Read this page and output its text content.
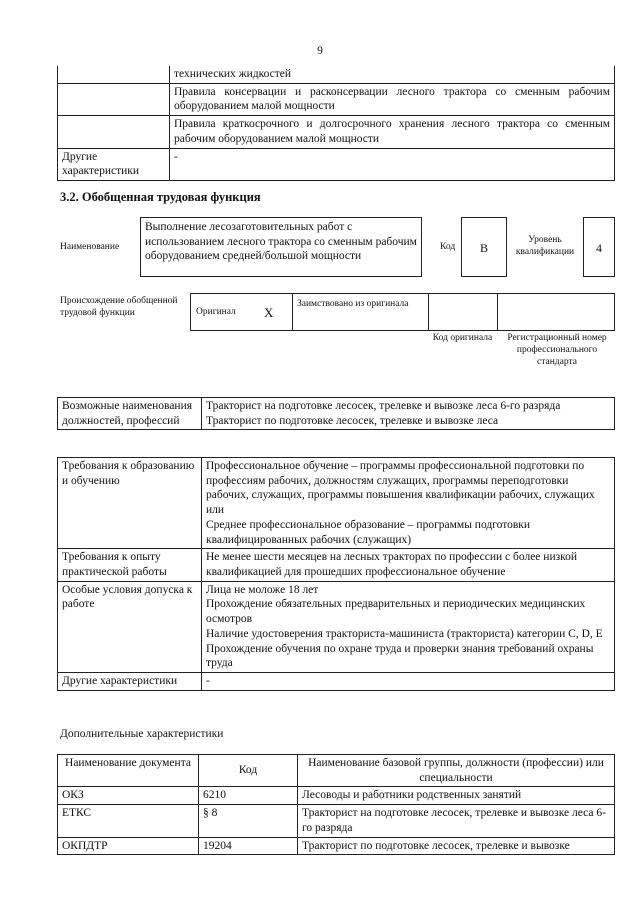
9
	технических жидкостей
	Правила консервации и расконсервации лесного трактора со сменным рабочим оборудованием малой мощности
	Правила краткосрочного и долгосрочного хранения лесного трактора со сменным рабочим оборудованием малой мощности
Другие характеристики	-
3.2. Обобщенная трудовая функция
Наименование
Выполнение лесозаготовительных работ с использованием лесного трактора со сменным рабочим оборудованием средней/большой мощности
Код	B
Уровень квалификации	4
Происхождение обобщенной трудовой функции	Оригинал X
Заимствовано из оригинала
Код оригинала	Регистрационный номер профессионального стандарта
Возможные наименования должностей, профессий	
Тракторист на подготовке лесосек, трелевке и вывозке леса 6-го разряда
Тракторист по подготовке лесосек, трелевке и вывозке леса
Требования к образованию и обучению	Профессиональное обучение – программы профессиональной подготовки по профессиям рабочих, должностям служащих, программы переподготовки рабочих, служащих, программы повышения квалификации рабочих, служащих
или
Среднее профессиональное образование – программы подготовки квалифицированных рабочих (служащих)

Требования к опыту практической работы	Не менее шести месяцев на лесных тракторах по профессии с более низкой квалификацией для прошедших профессиональное обучение

Особые условия допуска к работе	Лица не моложе 18 лет
Прохождение обязательных предварительных и периодических медицинских осмотров
Наличие удостоверения тракториста-машиниста (тракториста) категории C, D, E
Прохождение обучения по охране труда и проверки знания требований охраны труда

Другие характеристики	-
Дополнительные характеристики
Наименование документа	Код	Наименование базовой группы, должности (профессии) или специальности
ОКЗ	6210	Лесоводы и работники родственных занятий
ЕТКС	§ 8	Тракторист на подготовке лесосек, трелевке и вывозке леса 6-го разряда
ОКПДТР	19204	Тракторист по подготовке лесосек, трелевке и вывозке
